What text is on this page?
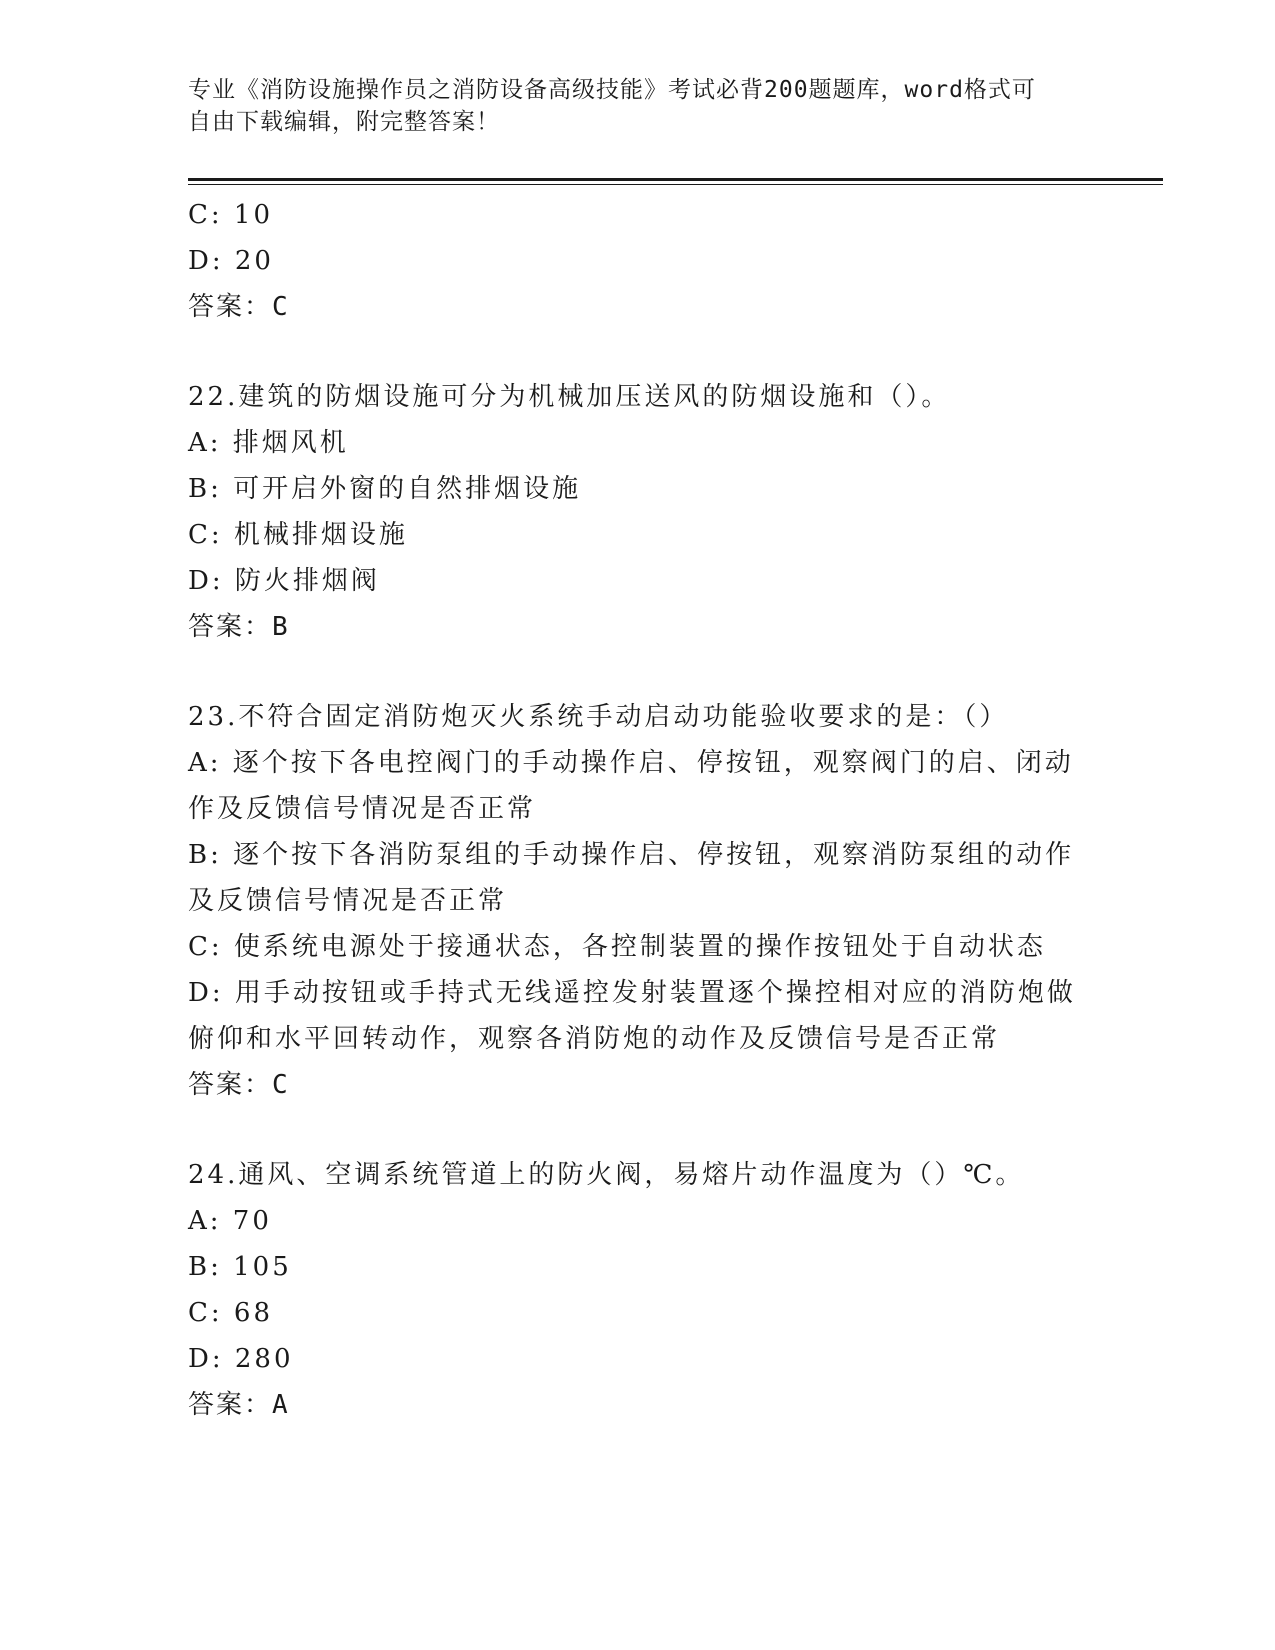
专业《消防设施操作员之消防设备高级技能》考试必背200题题库，word格式可
自由下载编辑，附完整答案！
C: 10
D: 20
答案：C
22.建筑的防烟设施可分为机械加压送风的防烟设施和（）。
A: 排烟风机
B: 可开启外窗的自然排烟设施
C: 机械排烟设施
D: 防火排烟阀
答案：B
23.不符合固定消防炮灭火系统手动启动功能验收要求的是：（）
A: 逐个按下各电控阀门的手动操作启、停按钮，观察阀门的启、闭动
作及反馈信号情况是否正常
B: 逐个按下各消防泵组的手动操作启、停按钮，观察消防泵组的动作
及反馈信号情况是否正常
C: 使系统电源处于接通状态，各控制装置的操作按钮处于自动状态
D: 用手动按钮或手持式无线遥控发射装置逐个操控相对应的消防炮做
俯仰和水平回转动作，观察各消防炮的动作及反馈信号是否正常
答案：C
24.通风、空调系统管道上的防火阀，易熔片动作温度为（）℃。
A: 70
B: 105
C: 68
D: 280
答案：A
